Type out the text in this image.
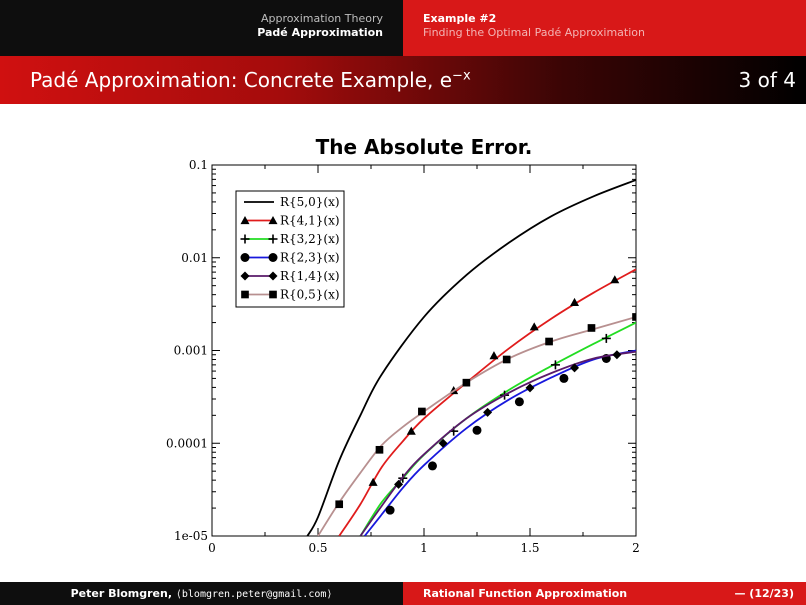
Approximation Theory
Padé Approximation
Example #2
Finding the Optimal Padé Approximation
Padé Approximation: Concrete Example, $e^{-x}$	3 of 4
The Absolute Error.
0	0.5	1	1.5	2
1e-05
0.0001
0.001
0.01
0.1
R{5,0}(x)
R{4,1}(x)
R{3,2}(x)
R{2,3}(x)
R{1,4}(x)
R{0,5}(x)
Peter Blomgren, ⟨blomgren.peter@gmail.com⟩	Rational Function Approximation	— (12/23)
